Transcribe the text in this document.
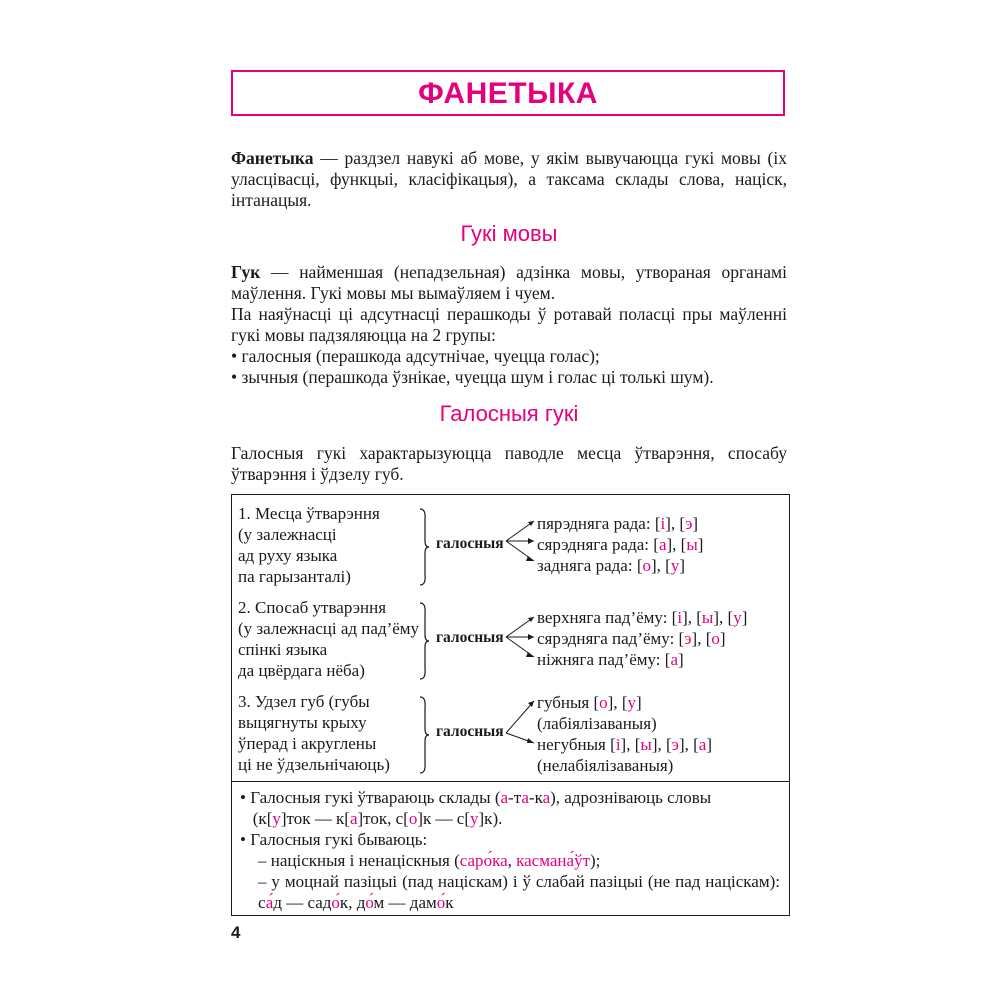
ФАНЕТЫКА

Фанетыка — раздзел навукі аб мове, у якім вывучаюцца гукі мовы (іх уласцівасці, функцыі, класіфікацыя), а таксама склады слова, націск, інтанацыя.

Гукі мовы

Гук — найменшая (непадзельная) адзінка мовы, утвораная органамі маўлення. Гукі мовы мы вымаўляем і чуем.

Па наяўнасці ці адсутнасці перашкоды ў ротавай поласці пры маўленні гукі мовы падзяляюцца на 2 групы:

• галосныя (перашкода адсутнічае, чуецца голас);

• зычныя (перашкода ўзнікае, чуецца шум і голас ці толькі шум).

Галосныя гукі
Галосныя гукі характарызуюцца паводле месца ўтварэння, спосабу ўтварэння і ўдзелу губ.
1. Месца ўтварэння
(у залежнасці
ад руху языка
па гарызанталі)
галосныя
пярэдняга рада: [і], [э]
сярэдняга рада: [а], [ы]
задняга рада: [о], [у]
2. Спосаб утварэння
(у залежнасці ад пад’ёму
спінкі языка
да цвёрдага нёба)
галосныя
верхняга пад’ёму: [і], [ы], [у]
сярэдняга пад’ёму: [э], [о]
ніжняга пад’ёму: [а]
3. Удзел губ (губы
выцягнуты крыху
ўперад і акруглены
ці не ўдзельнічаюць)
галосныя
губныя [о], [у]
(лабіялізаваныя)
негубныя [і], [ы], [э], [а]
(нелабіялізаваныя)
• Галосныя гукі ўтвараюць склады (а-та-ка), адрозніваюць словы
(к[у]ток — к[а]ток, с[о]к — с[у]к).
• Галосныя гукі бываюць:
– націскныя і ненаціскныя (саро́ка, касмана́ўт);
– у моцнай пазіцыі (пад націскам) і ў слабай пазіцыі (не пад націскам): са́д — садо́к, до́м — дамо́к
4
